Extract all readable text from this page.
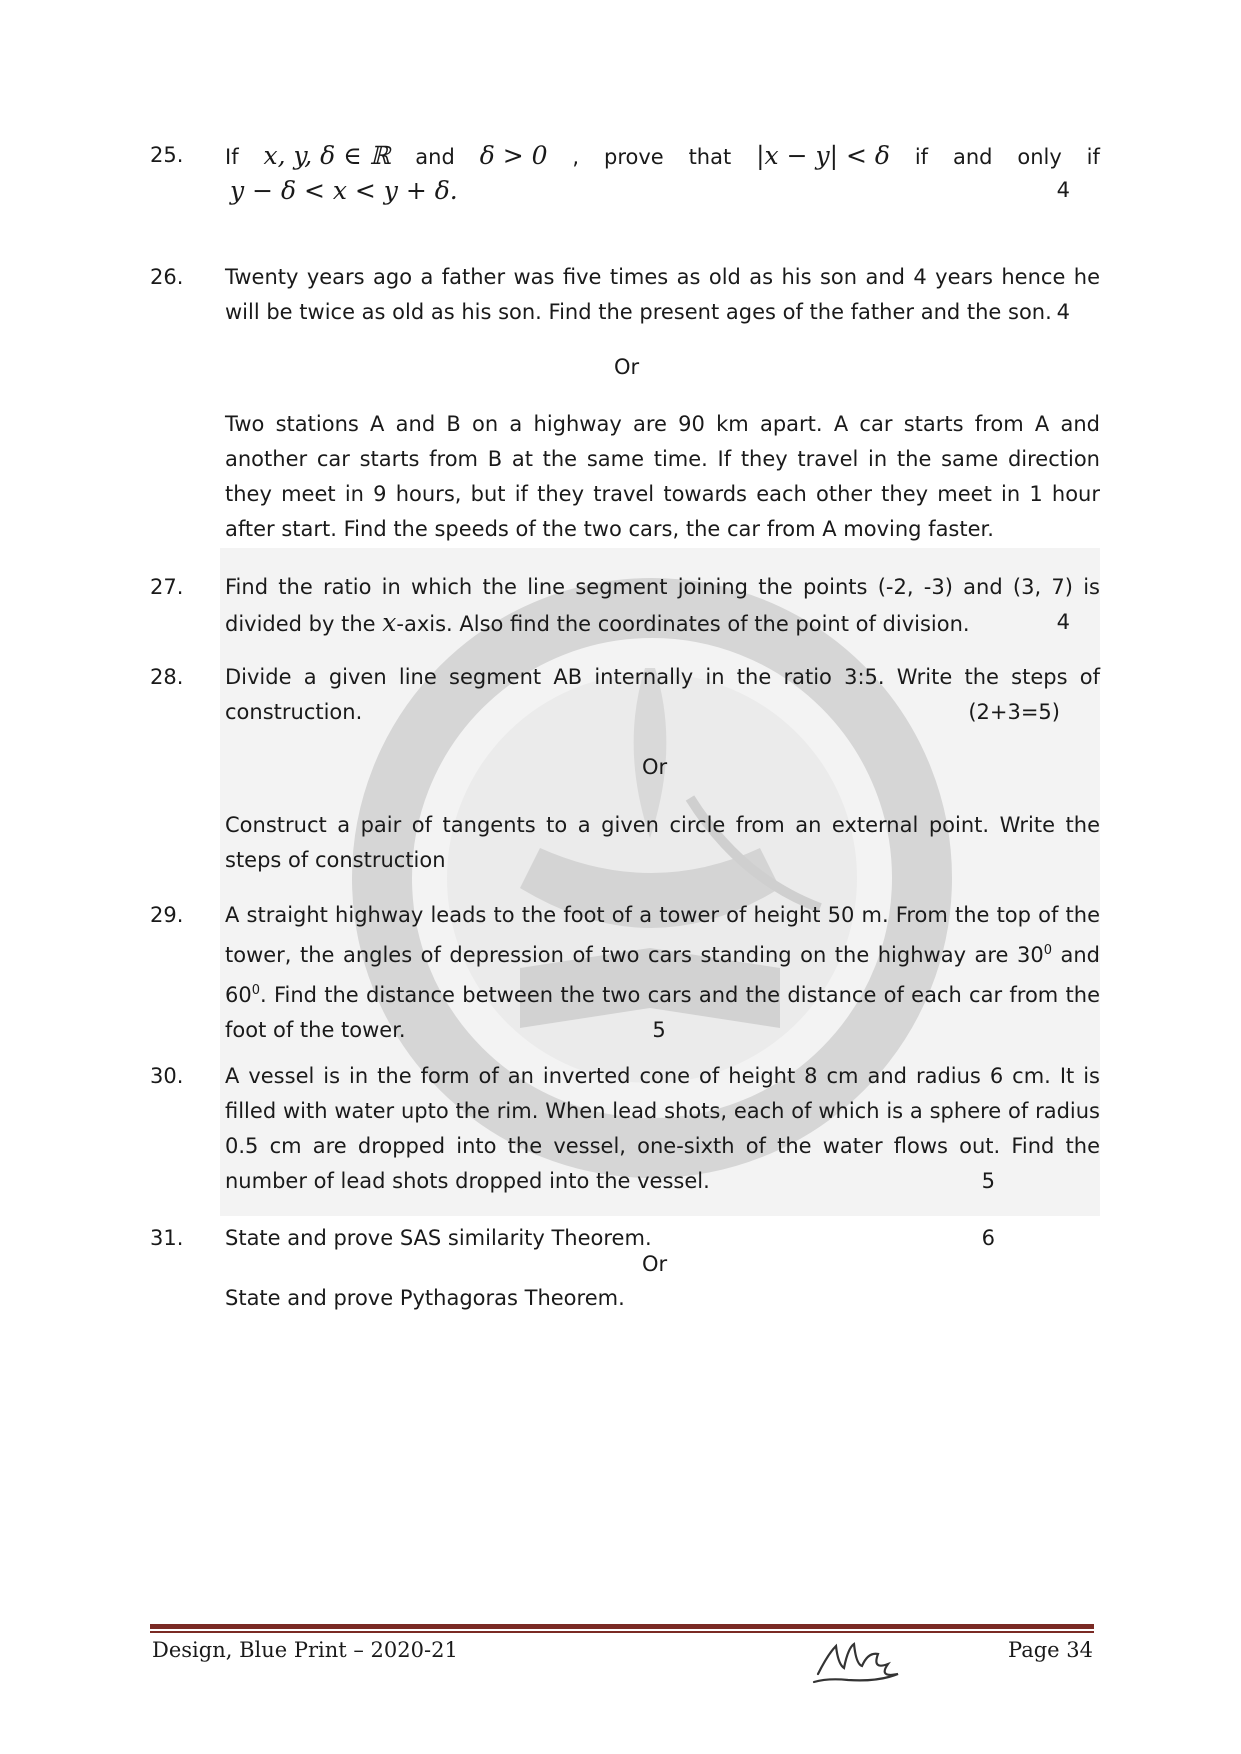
25. If x, y, δ ∈ ℝ and δ > 0 , prove that |x − y| < δ if and only if
y − δ < x < y + δ.	4
26. Twenty years ago a father was five times as old as his son and 4 years hence he will be twice as old as his son. Find the present ages of the father and the son. 4
Or
Two stations A and B on a highway are 90 km apart. A car starts from A and another car starts from B at the same time. If they travel in the same direction they meet in 9 hours, but if they travel towards each other they meet in 1 hour after start. Find the speeds of the two cars, the car from A moving faster.
27. Find the ratio in which the line segment joining the points (-2, -3) and (3, 7) is divided by the x-axis. Also find the coordinates of the point of division.	4
28. Divide a given line segment AB internally in the ratio 3:5. Write the steps of construction.	(2+3=5)
Or
Construct a pair of tangents to a given circle from an external point. Write the steps of construction
29. A straight highway leads to the foot of a tower of height 50 m. From the top of the tower, the angles of depression of two cars standing on the highway are $30^0$ and $60^0$. Find the distance between the two cars and the distance of each car from the foot of the tower.	5
30. A vessel is in the form of an inverted cone of height 8 cm and radius 6 cm. It is filled with water upto the rim. When lead shots, each of which is a sphere of radius 0.5 cm are dropped into the vessel, one-sixth of the water flows out. Find the number of lead shots dropped into the vessel.	5
31. State and prove SAS similarity Theorem.	6
Or
State and prove Pythagoras Theorem.
Design, Blue Print – 2020-21	Page 34
